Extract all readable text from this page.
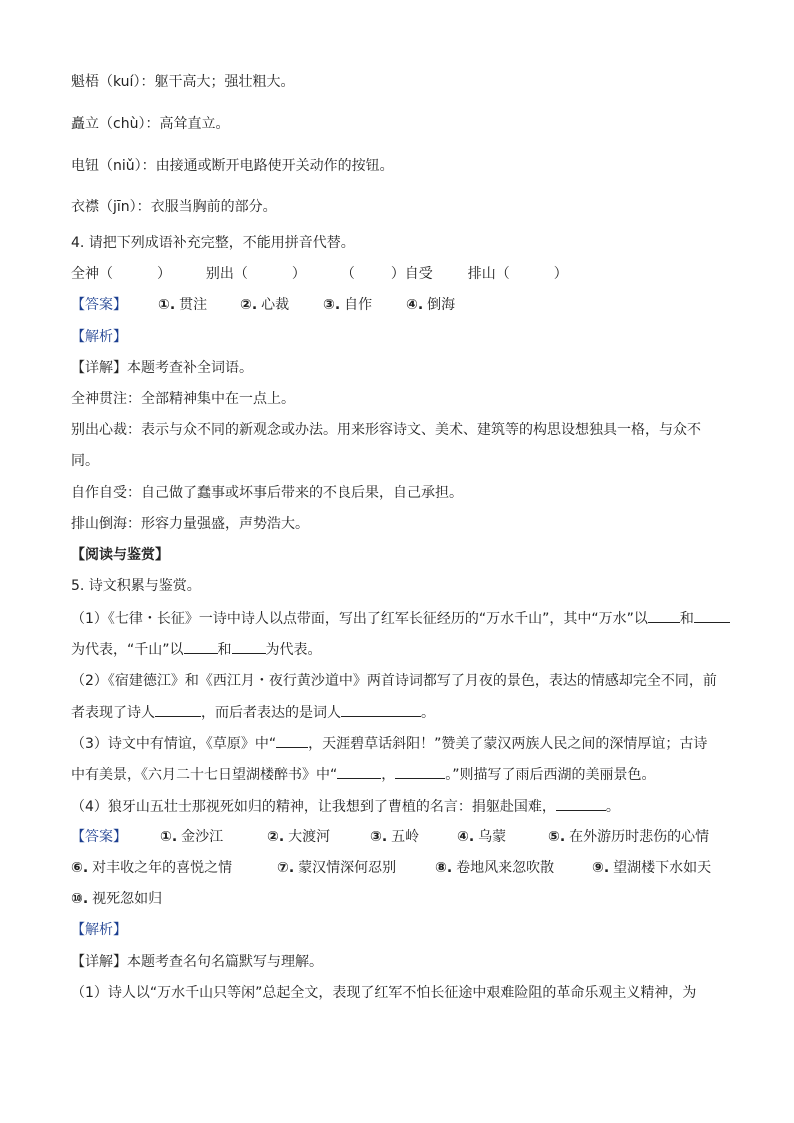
魁梧（kuí）：躯干高大；强壮粗大。
矗立（chù）：高耸直立。
电钮（niǔ）：由接通或断开电路使开关动作的按钮。
衣襟（jīn）：衣服当胸前的部分。
4. 请把下列成语补充完整，不能用拼音代替。
全神（	） 别出（	） （	）自受 排山（	）
【答案】 ①. 贯注 ②. 心裁 ③. 自作 ④. 倒海
【解析】
【详解】本题考查补全词语。
全神贯注：全部精神集中在一点上。
别出心裁：表示与众不同的新观念或办法。用来形容诗文、美术、建筑等的构思设想独具一格，与众不
同。
自作自受：自己做了蠢事或坏事后带来的不良后果，自己承担。
排山倒海：形容力量强盛，声势浩大。
【阅读与鉴赏】
5. 诗文积累与鉴赏。
（1）《七律・长征》一诗中诗人以点带面，写出了红军长征经历的“万水千山”，其中“万水”以 和
为代表，“千山”以 和 为代表。
（2）《宿建德江》和《西江月・夜行黄沙道中》两首诗词都写了月夜的景色，表达的情感却完全不同，前
者表现了诗人	，而后者表达的是词人	。
（3）诗文中有情谊，《草原》中“ ，天涯碧草话斜阳！”赞美了蒙汉两族人民之间的深情厚谊；古诗
中有美景，《六月二十七日望湖楼醉书》中“	，	。”则描写了雨后西湖的美丽景色。
（4）狼牙山五壮士那视死如归的精神，让我想到了曹植的名言：捐躯赴国难，	。
【答案】 ①. 金沙江	②. 大渡河	③. 五岭	④. 乌蒙	⑤. 在外游历时悲伤的心情
⑥. 对丰收之年的喜悦之情	⑦. 蒙汉情深何忍别	⑧. 卷地风来忽吹散	⑨. 望湖楼下水如天
⑩. 视死忽如归
【解析】
【详解】本题考查名句名篇默写与理解。
（1）诗人以“万水千山只等闲”总起全文，表现了红军不怕长征途中艰难险阻的革命乐观主义精神，为
